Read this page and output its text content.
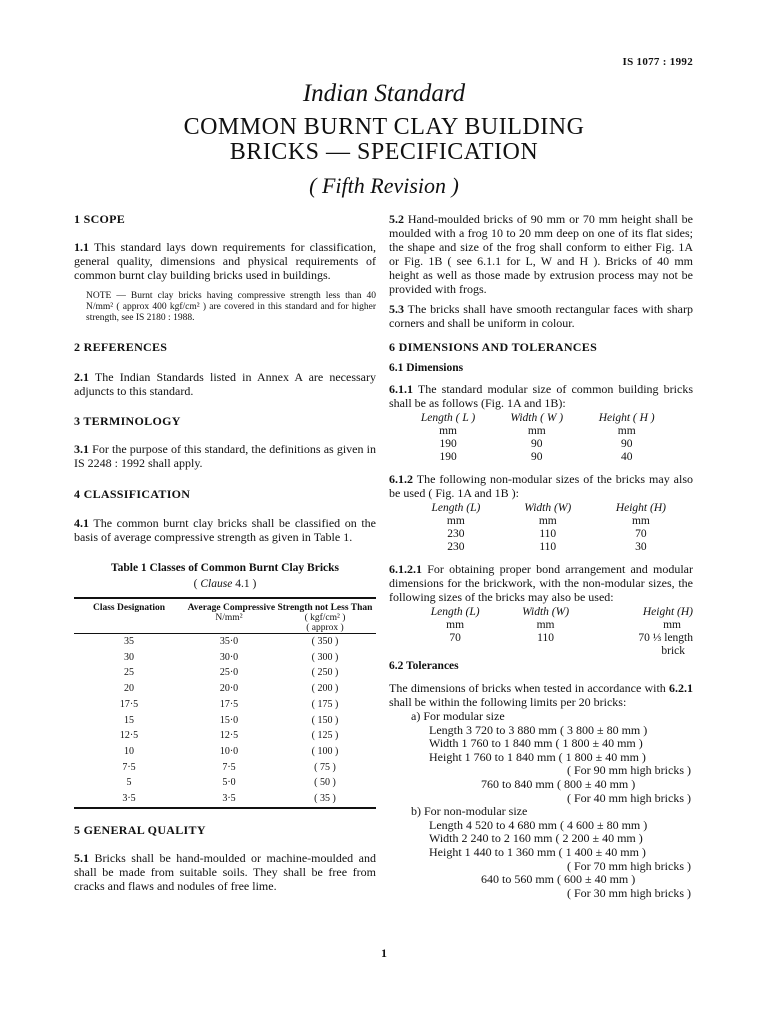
IS 1077 : 1992
Indian Standard
COMMON BURNT CLAY BUILDING
BRICKS — SPECIFICATION
( Fifth Revision )
1 SCOPE

1.1 This standard lays down requirements for classification, general quality, dimensions and physical requirements of common burnt clay building bricks used in buildings.

NOTE — Burnt clay bricks having compressive strength less than 40 N/mm² ( approx 400 kgf/cm² ) are covered in this standard and for higher strength, see IS 2180 : 1988.

2 REFERENCES

2.1 The Indian Standards listed in Annex A are necessary adjuncts to this standard.

3 TERMINOLOGY

3.1 For the purpose of this standard, the definitions as given in IS 2248 : 1992 shall apply.

4 CLASSIFICATION

4.1 The common burnt clay bricks shall be classified on the basis of average compressive strength as given in Table 1.

Table 1 Classes of Common Burnt Clay Bricks
( Clause 4.1 )
Class Designation	Average Compressive Strength not Less Than	
	N/mm²	( kgf/cm² )
( approx )
35	35·0	( 350 )
30	30·0	( 300 )
25	25·0	( 250 )
20	20·0	( 200 )
17·5	17·5	( 175 )
15	15·0	( 150 )
12·5	12·5	( 125 )
10	10·0	( 100 )
7·5	7·5	( 75 )
5	5·0	( 50 )
3·5	3·5	( 35 )
5 GENERAL QUALITY

5.1 Bricks shall be hand-moulded or machine-moulded and shall be made from suitable soils. They shall be free from cracks and flaws and nodules of free lime.

5.2 Hand-moulded bricks of 90 mm or 70 mm height shall be moulded with a frog 10 to 20 mm deep on one of its flat sides; the shape and size of the frog shall conform to either Fig. 1A or Fig. 1B ( see 6.1.1 for L, W and H ). Bricks of 40 mm height as well as those made by extrusion process may not be provided with frogs.

5.3 The bricks shall have smooth rectangular faces with sharp corners and shall be uniform in colour.

6 DIMENSIONS AND TOLERANCES
6.1 Dimensions

6.1.1 The standard modular size of common building bricks shall be as follows (Fig. 1A and 1B):

Length ( L )	Width ( W )	Height ( H )
mm	mm	mm
190	90	90
190	90	40

6.1.2 The following non-modular sizes of the bricks may also be used ( Fig. 1A and 1B ):

Length (L)	Width (W)	Height (H)
mm	mm	mm
230	110	70
230	110	30

6.1.2.1 For obtaining proper bond arrangement and modular dimensions for the brickwork, with the non-modular sizes, the following sizes of the bricks may also be used:

Length (L)	Width (W)	Height (H)
mm	mm	mm
70	110	70 ⅓ length
		brick
6.2 Tolerances

The dimensions of bricks when tested in accordance with 6.2.1 shall be within the following limits per 20 bricks:

a) For modular size
Length 3 720 to 3 880 mm ( 3 800 ± 80 mm )
Width 1 760 to 1 840 mm ( 1 800 ± 40 mm )
Height 1 760 to 1 840 mm ( 1 800 ± 40 mm )
( For 90 mm high bricks )
760 to 840 mm ( 800 ± 40 mm )
( For 40 mm high bricks )
b) For non-modular size
Length 4 520 to 4 680 mm ( 4 600 ± 80 mm )
Width 2 240 to 2 160 mm ( 2 200 ± 40 mm )
Height 1 440 to 1 360 mm ( 1 400 ± 40 mm )
( For 70 mm high bricks )
640 to 560 mm ( 600 ± 40 mm )
( For 30 mm high bricks )
1
